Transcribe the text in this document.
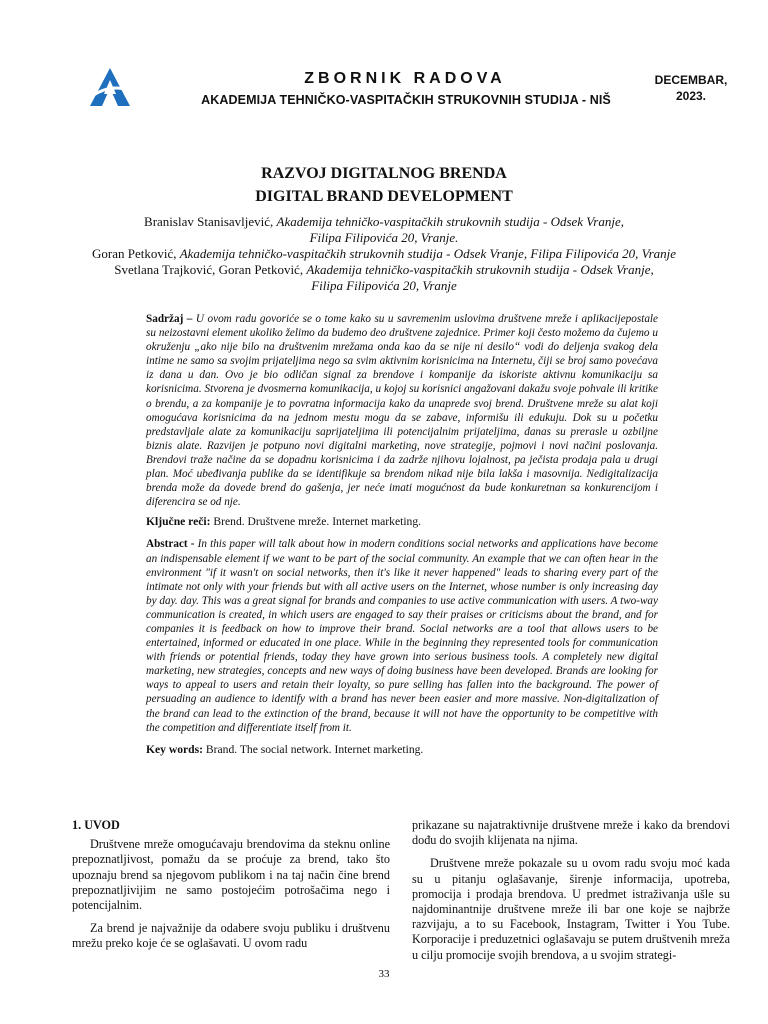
ZBORNIK RADOVA
AKADEMIJA TEHNIČKO-VASPITAČKIH STRUKOVNIH STUDIJA - NIŠ
DECEMBAR,
2023.
RAZVOJ DIGITALNOG BRENDA
DIGITAL BRAND DEVELOPMENT
Branislav Stanisavljević, Akademija tehničko-vaspitačkih strukovnih studija - Odsek Vranje,
Filipa Filipovića 20, Vranje.
Goran Petković, Akademija tehničko-vaspitačkih strukovnih studija - Odsek Vranje, Filipa Filipovića 20, Vranje
Svetlana Trajković, Goran Petković, Akademija tehničko-vaspitačkih strukovnih studija - Odsek Vranje,
Filipa Filipovića 20, Vranje

Sadržaj – U ovom radu govoriće se o tome kako su u savremenim uslovima društvene mreže i aplikacijepostale su neizostavni element ukoliko želimo da budemo deo društvene zajednice. Primer koji često možemo da čujemo u okruženju „ako nije bilo na društvenim mrežama onda kao da se nije ni desilo“ vodi do deljenja svakog dela intime ne samo sa svojim prijateljima nego sa svim aktivnim korisnicima na Internetu, čiji se broj samo povećava iz dana u dan. Ovo je bio odličan signal za brendove i kompanije da iskoriste aktivnu komunikaciju sa korisnicima. Stvorena je dvosmerna komunikacija, u kojoj su korisnici angažovani dakažu svoje pohvale ili kritike o brendu, a za kompanije je to povratna informacija kako da unaprede svoj brend. Društvene mreže su alat koji omogućava korisnicima da na jednom mestu mogu da se zabave, informišu ili edukuju. Dok su u početku predstavljale alate za komunikaciju saprijateljima ili potencijalnim prijateljima, danas su prerasle u ozbiljne biznis alate. Razvijen je potpuno novi digitalni marketing, nove strategije, pojmovi i novi načini poslovanja. Brendovi traže načine da se dopadnu korisnicima i da zadrže njihovu lojalnost, pa ječista prodaja pala u drugi plan. Moć ubeđivanja publike da se identifikuje sa brendom nikad nije bila lakša i masovnija. Nedigitalizacija brenda može da dovede brend do gašenja, jer neće imati mogućnost da bude konkuretnan sa konkurencijom i diferencira se od nje.

Ključne reči: Brend. Društvene mreže. Internet marketing.

Abstract - In this paper will talk about how in modern conditions social networks and applications have become an indispensable element if we want to be part of the social community. An example that we can often hear in the environment "if it wasn't on social networks, then it's like it never happened" leads to sharing every part of the intimate not only with your friends but with all active users on the Internet, whose number is only increasing day by day. day. This was a great signal for brands and companies to use active communication with users. A two-way communication is created, in which users are engaged to say their praises or criticisms about the brand, and for companies it is feedback on how to improve their brand. Social networks are a tool that allows users to be entertained, informed or educated in one place. While in the beginning they represented tools for communication with friends or potential friends, today they have grown into serious business tools. A completely new digital marketing, new strategies, concepts and new ways of doing business have been developed. Brands are looking for ways to appeal to users and retain their loyalty, so pure selling has fallen into the background. The power of persuading an audience to identify with a brand has never been easier and more massive. Non-digitalization of the brand can lead to the extinction of the brand, because it will not have the opportunity to be competitive with the competition and differentiate itself from it.

Key words: Brand. The social network. Internet marketing.

1. UVOD

Društvene mreže omogućavaju brendovima da steknu online prepoznatljivost, pomažu da se proćuje za brend, tako što upoznaju brend sa njegovom publikom i na taj način čine brend prepoznatljivijim ne samo postojećim potrošačima nego i potencijalnim.

Za brend je najvažnije da odabere svoju publiku i društvenu mrežu preko koje će se oglašavati. U ovom radu

prikazane su najatraktivnije društvene mreže i kako da brendovi dođu do svojih klijenata na njima.

Društvene mreže pokazale su u ovom radu svoju moć kada su u pitanju oglašavanje, širenje informacija, upotreba, promocija i prodaja brendova. U predmet istraživanja ušle su najdominantnije društvene mreže ili bar one koje se najbrže razvijaju, a to su Facebook, Instagram, Twitter i You Tube. Korporacije i preduzetnici oglašavaju se putem društvenih mreža u cilju promocije svojih brendova, a u svojim strategi-

33
